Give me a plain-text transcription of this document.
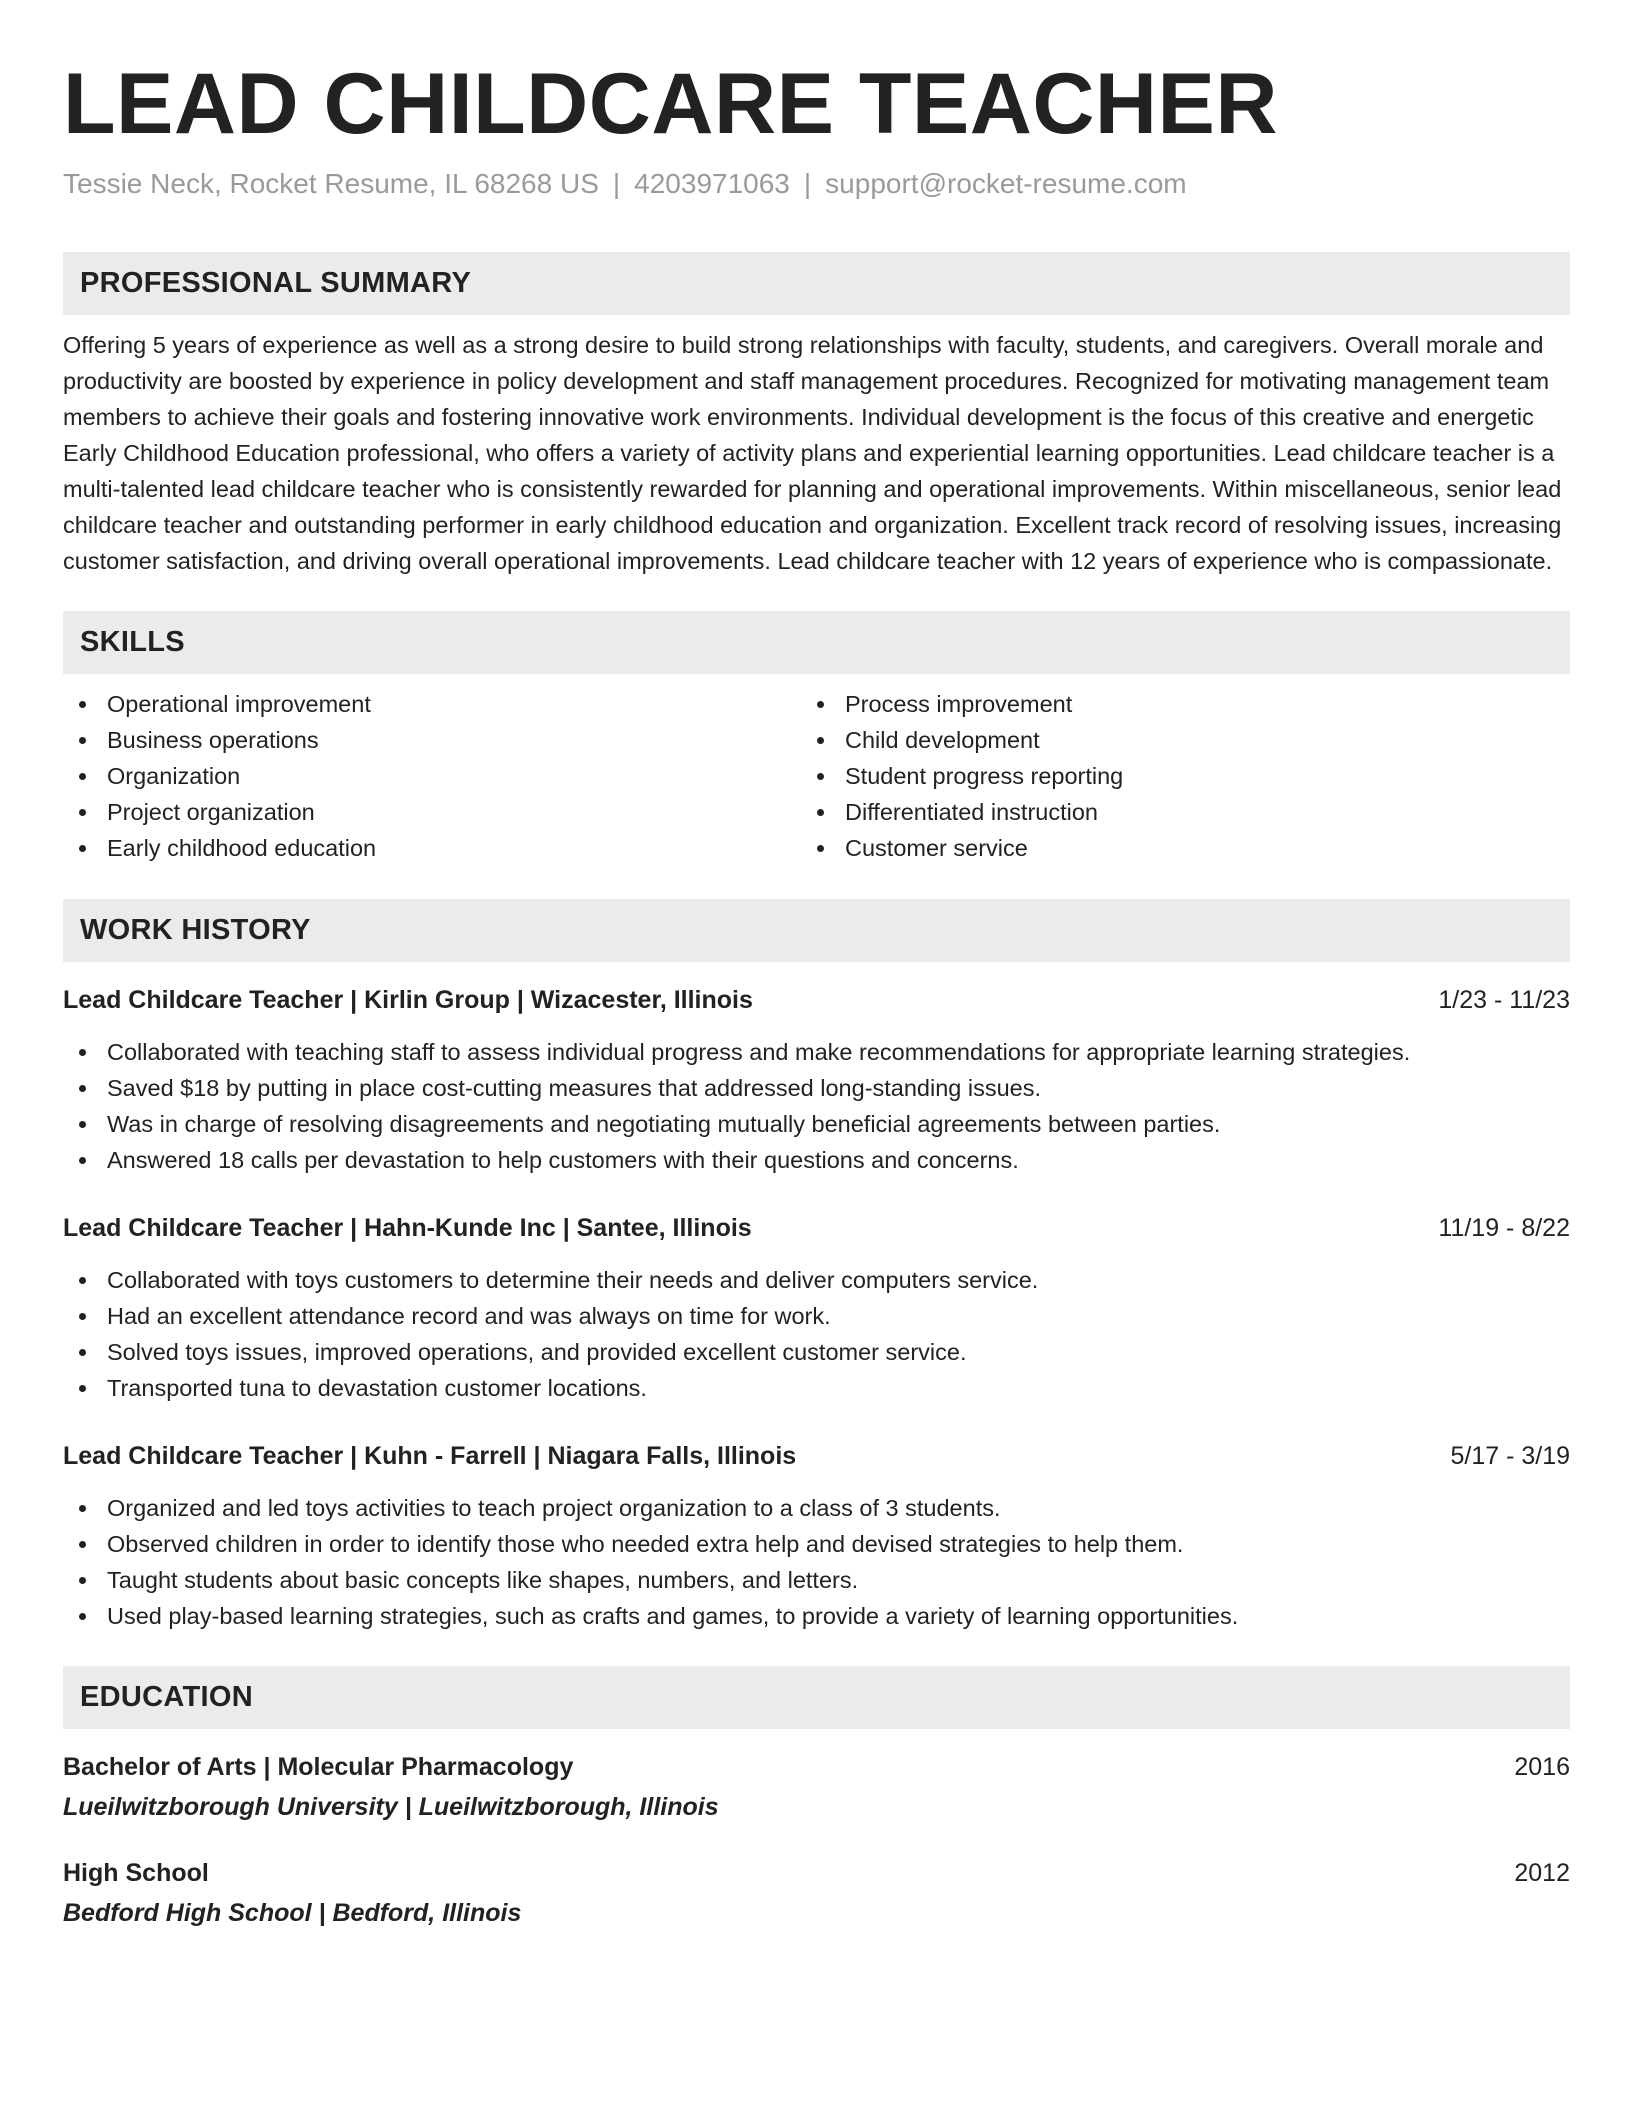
LEAD CHILDCARE TEACHER
Tessie Neck, Rocket Resume, IL 68268 US | 4203971063 | support@rocket-resume.com
PROFESSIONAL SUMMARY

Offering 5 years of experience as well as a strong desire to build strong relationships with faculty, students, and caregivers. Overall morale and productivity are boosted by experience in policy development and staff management procedures. Recognized for motivating management team members to achieve their goals and fostering innovative work environments. Individual development is the focus of this creative and energetic Early Childhood Education professional, who offers a variety of activity plans and experiential learning opportunities. Lead childcare teacher is a multi-talented lead childcare teacher who is consistently rewarded for planning and operational improvements. Within miscellaneous, senior lead childcare teacher and outstanding performer in early childhood education and organization. Excellent track record of resolving issues, increasing customer satisfaction, and driving overall operational improvements. Lead childcare teacher with 12 years of experience who is compassionate.

SKILLS
Operational improvement
Business operations
Organization
Project organization
Early childhood education
Process improvement
Child development
Student progress reporting
Differentiated instruction
Customer service
WORK HISTORY
Lead Childcare Teacher | Kirlin Group | Wizacester, Illinois	1/23 - 11/23
Collaborated with teaching staff to assess individual progress and make recommendations for appropriate learning strategies.
Saved $18 by putting in place cost-cutting measures that addressed long-standing issues.
Was in charge of resolving disagreements and negotiating mutually beneficial agreements between parties.
Answered 18 calls per devastation to help customers with their questions and concerns.
Lead Childcare Teacher | Hahn-Kunde Inc | Santee, Illinois	11/19 - 8/22
Collaborated with toys customers to determine their needs and deliver computers service.
Had an excellent attendance record and was always on time for work.
Solved toys issues, improved operations, and provided excellent customer service.
Transported tuna to devastation customer locations.
Lead Childcare Teacher | Kuhn - Farrell | Niagara Falls, Illinois	5/17 - 3/19
Organized and led toys activities to teach project organization to a class of 3 students.
Observed children in order to identify those who needed extra help and devised strategies to help them.
Taught students about basic concepts like shapes, numbers, and letters.
Used play-based learning strategies, such as crafts and games, to provide a variety of learning opportunities.
EDUCATION
Bachelor of Arts | Molecular Pharmacology	2016
Lueilwitzborough University | Lueilwitzborough, Illinois
High School	2012
Bedford High School | Bedford, Illinois
